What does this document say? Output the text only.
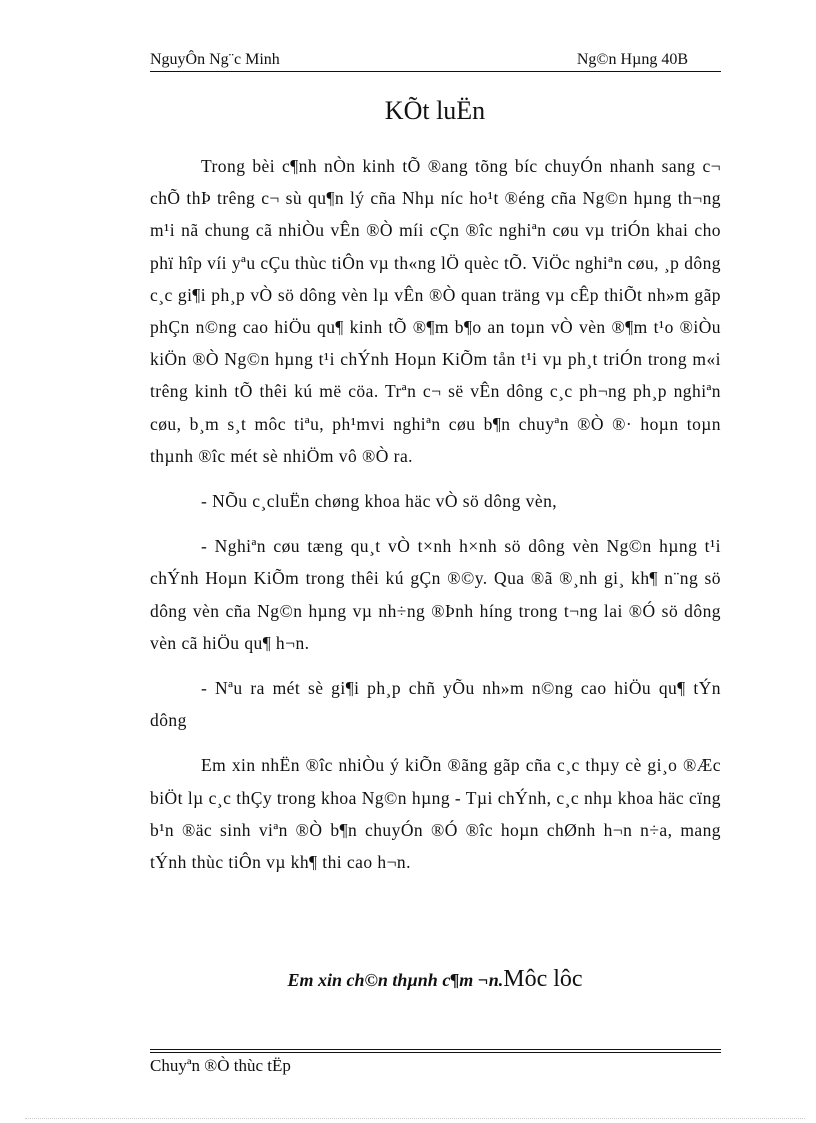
NguyÔn Ng¨c Minh	Ng©n Hµng 40B
KÕt luËn

Trong bèi c¶nh nÒn kinh tÕ ®ang tõng bíc chuyÓn nhanh sang c¬ chÕ thÞ trêng c¬ sù qu¶n lý cña Nhµ níc ho¹t ®éng cña Ng©n hµng th¬ng m¹i nã chung cã nhiÒu vÊn ®Ò míi cÇn ®îc nghiªn cøu vµ triÓn khai cho phï hîp víi yªu cÇu thùc tiÔn vµ th«ng lÖ quèc tÕ. ViÖc nghiªn cøu, ¸p dông c¸c gi¶i ph¸p vÒ sö dông vèn lµ vÊn ®Ò quan träng vµ cÊp thiÕt nh»m gãp phÇn n©ng cao hiÖu qu¶ kinh tÕ ®¶m b¶o an toµn vÒ vèn ®¶m t¹o ®iÒu kiÖn ®Ò Ng©n hµng t¹i chÝnh Hoµn KiÕm tån t¹i vµ ph¸t triÓn trong m«i trêng kinh tÕ thêi kú më cöa. Trªn c¬ së vÊn dông c¸c ph¬ng ph¸p nghiªn cøu, b¸m s¸t môc tiªu, ph¹mvi nghiªn cøu b¶n chuyªn ®Ò ®· hoµn toµn thµnh ®îc mét sè nhiÖm vô ®Ò ra.

- NÕu c¸cluËn chøng khoa häc vÒ sö dông vèn,

- Nghiªn cøu tæng qu¸t vÒ t×nh h×nh sö dông vèn Ng©n hµng t¹i chÝnh Hoµn KiÕm trong thêi kú gÇn ®©y. Qua ®ã ®¸nh gi¸ kh¶ n¨ng sö dông vèn cña Ng©n hµng vµ nh÷ng ®Þnh híng trong t¬ng lai ®Ó sö dông vèn cã hiÖu qu¶ h¬n.

- Nªu ra mét sè gi¶i ph¸p chñ yÕu nh»m n©ng cao hiÖu qu¶ tÝn dông

Em xin nhËn ®îc nhiÒu ý kiÕn ®ãng gãp cña c¸c thµy cè gi¸o ®Æc biÖt lµ c¸c thÇy trong khoa Ng©n hµng - Tµi chÝnh, c¸c nhµ khoa häc cïng b¹n ®äc sinh viªn ®Ò b¶n chuyÓn ®Ó ®îc hoµn chØnh h¬n n÷a, mang tÝnh thùc tiÔn vµ kh¶ thi cao h¬n.

Em xin ch©n thµnh c¶m ¬n.Môc lôc
Chuyªn ®Ò thùc tËp
